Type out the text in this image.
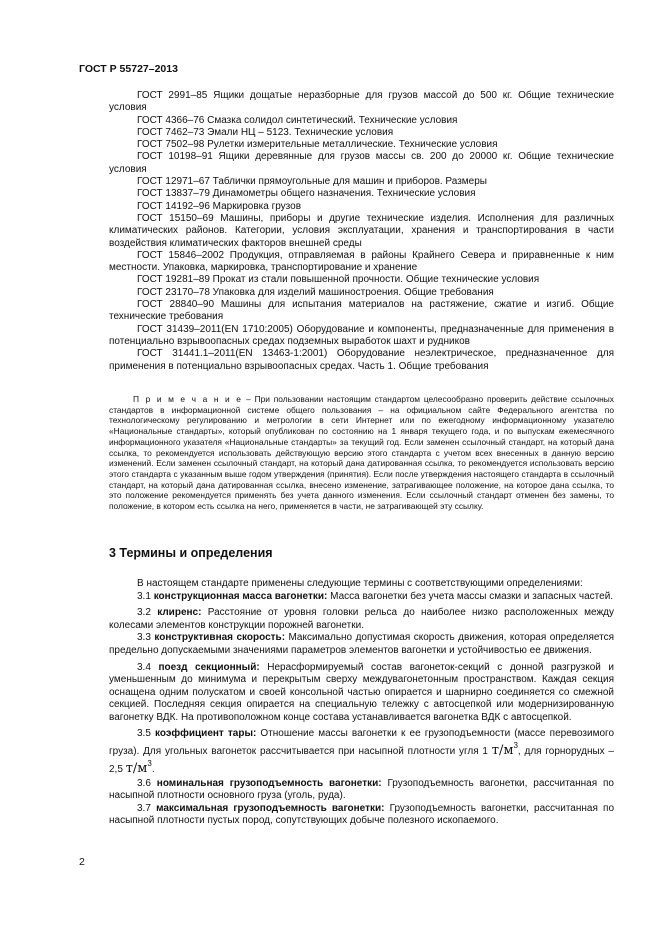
ГОСТ Р 55727–2013
ГОСТ 2991–85 Ящики дощатые неразборные для грузов массой до 500 кг. Общие технические условия
ГОСТ 4366–76 Смазка солидол синтетический. Технические условия
ГОСТ 7462–73 Эмали НЦ – 5123. Технические условия
ГОСТ 7502–98 Рулетки измерительные металлические. Технические условия
ГОСТ 10198–91 Ящики деревянные для грузов массы св. 200 до 20000 кг. Общие технические условия
ГОСТ 12971–67 Таблички прямоугольные для машин и приборов. Размеры
ГОСТ 13837–79 Динамометры общего назначения. Технические условия
ГОСТ 14192–96 Маркировка грузов
ГОСТ 15150–69 Машины, приборы и другие технические изделия. Исполнения для различных климатических районов. Категории, условия эксплуатации, хранения и транспортирования в части воздействия климатических факторов внешней среды
ГОСТ 15846–2002 Продукция, отправляемая в районы Крайнего Севера и приравненные к ним местности. Упаковка, маркировка, транспортирование и хранение
ГОСТ 19281–89 Прокат из стали повышенной прочности. Общие технические условия
ГОСТ 23170–78 Упаковка для изделий машиностроения. Общие требования
ГОСТ 28840–90 Машины для испытания материалов на растяжение, сжатие и изгиб. Общие технические требования
ГОСТ 31439–2011(EN 1710:2005) Оборудование и компоненты, предназначенные для применения в потенциально взрывоопасных средах подземных выработок шахт и рудников
ГОСТ 31441.1–2011(EN 13463-1:2001) Оборудование неэлектрическое, предназначенное для применения в потенциально взрывоопасных средах. Часть 1. Общие требования
П р и м е ч а н и е – При пользовании настоящим стандартом целесообразно проверить действие ссылочных стандартов в информационной системе общего пользования – на официальном сайте Федерального агентства по технологическому регулированию и метрологии в сети Интернет или по ежегодному информационному указателю «Национальные стандарты», который опубликован по состоянию на 1 января текущего года, и по выпускам ежемесячного информационного указателя «Национальные стандарты» за текущий год. Если заменен ссылочный стандарт, на который дана ссылка, то рекомендуется использовать действующую версию этого стандарта с учетом всех внесенных в данную версию изменений. Если заменен ссылочный стандарт, на который дана датированная ссылка, то рекомендуется использовать версию этого стандарта с указанным выше годом утверждения (принятия). Если после утверждения настоящего стандарта в ссылочный стандарт, на который дана датированная ссылка, внесено изменение, затрагивающее положение, на которое дана ссылка, то это положение рекомендуется применять без учета данного изменения. Если ссылочный стандарт отменен без замены, то положение, в котором есть ссылка на него, применяется в части, не затрагивающей эту ссылку.
3 Термины и определения
В настоящем стандарте применены следующие термины с соответствующими определениями:
3.1 конструкционная масса вагонетки: Масса вагонетки без учета массы смазки и запасных частей.
3.2 клиренс: Расстояние от уровня головки рельса до наиболее низко расположенных между колесами элементов конструкции порожней вагонетки.
3.3 конструктивная скорость: Максимально допустимая скорость движения, которая определяется предельно допускаемыми значениями параметров элементов вагонетки и устойчивостью ее движения.
3.4 поезд секционный: Нерасформируемый состав вагонеток-секций с донной разгрузкой и уменьшенным до минимума и перекрытым сверху междувагонетонным пространством. Каждая секция оснащена одним полускатом и своей консольной частью опирается и шарнирно соединяется со смежной секцией. Последняя секция опирается на специальную тележку с автосцепкой или модернизированную вагонетку ВДК. На противоположном конце состава устанавливается вагонетка ВДК с автосцепкой.
3.5 коэффициент тары: Отношение массы вагонетки к ее грузоподъемности (массе перевозимого груза). Для угольных вагонеток рассчитывается при насыпной плотности угля 1 $т/м^3$, для горнорудных – 2,5 $т/м^3$.
3.6 номинальная грузоподъемность вагонетки: Грузоподъемность вагонетки, рассчитанная по насыпной плотности основного груза (уголь, руда).
3.7 максимальная грузоподъемность вагонетки: Грузоподъемность вагонетки, рассчитанная по насыпной плотности пустых пород, сопутствующих добыче полезного ископаемого.
2
